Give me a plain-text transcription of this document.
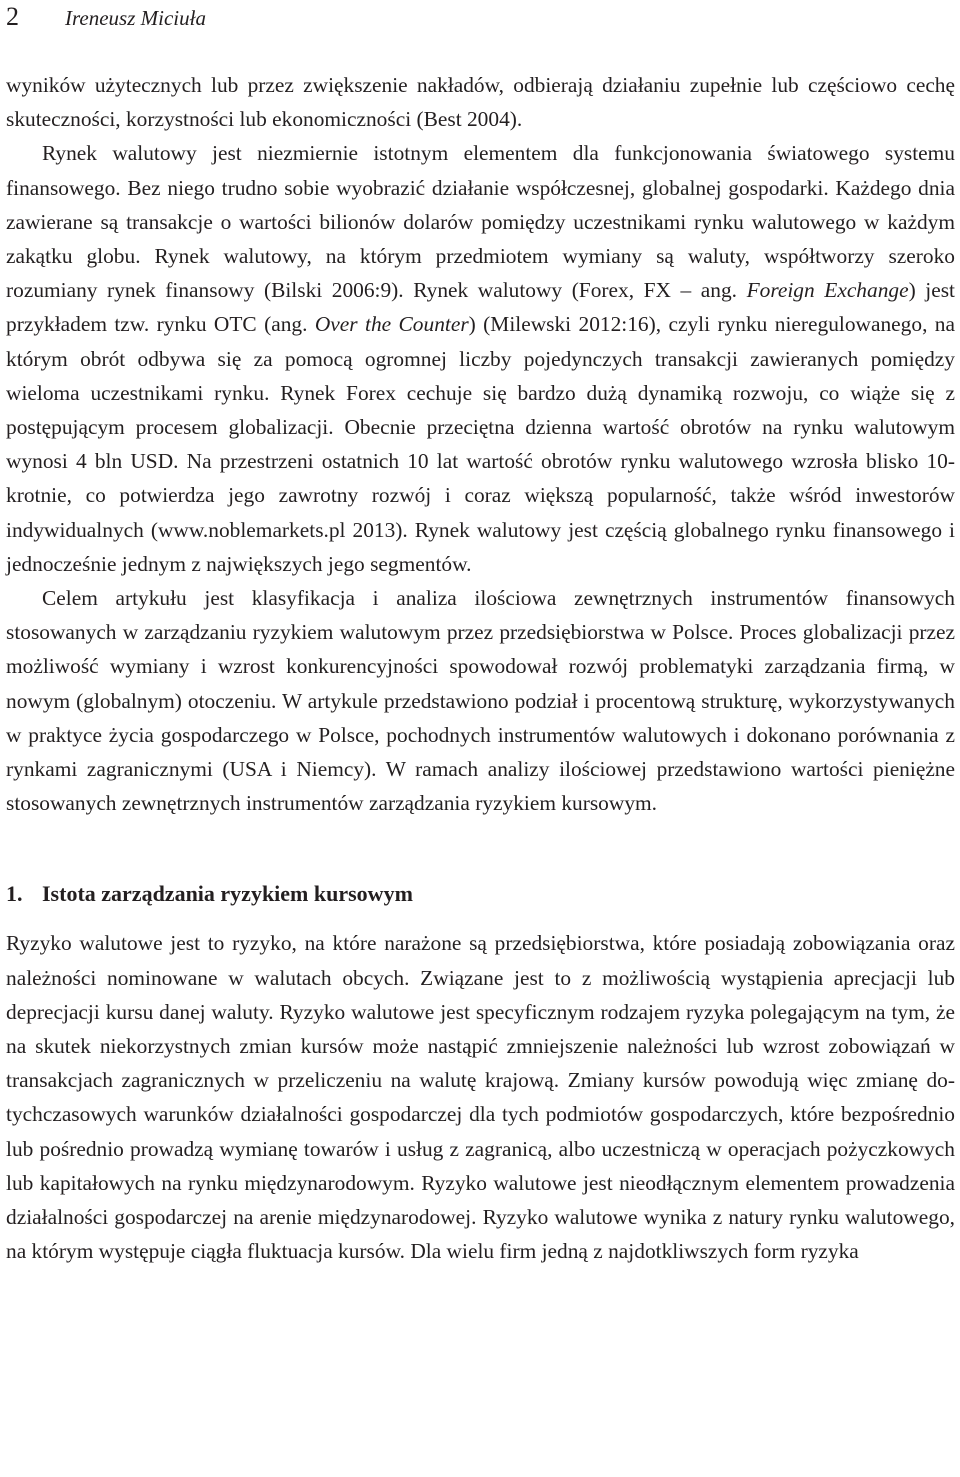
2 Ireneusz Miciuła

wyników użytecznych lub przez zwiększenie nakładów, odbierają działaniu zupełnie lub częściowo cechę skuteczności, korzystności lub ekonomiczności (Best 2004).

Rynek walutowy jest niezmiernie istotnym elementem dla funkcjonowania światowego systemu finansowego. Bez niego trudno sobie wyobrazić działanie współczesnej, globalnej gospodarki. Każdego dnia zawierane są transakcje o wartości bilionów dolarów pomiędzy uczestnikami rynku walutowego w każdym zakątku globu. Rynek walutowy, na którym przedmiotem wymiany są waluty, współtworzy szeroko rozumiany rynek finansowy (Bilski 2006:9). Rynek walutowy (Forex, FX – ang. Foreign Exchange) jest przykładem tzw. rynku OTC (ang. Over the Counter) (Milewski 2012:16), czyli rynku nieregulowanego, na którym obrót odbywa się za pomocą ogromnej liczby pojedynczych transakcji zawieranych pomiędzy wieloma uczestnikami rynku. Rynek Forex cechuje się bardzo dużą dynamiką rozwoju, co wiąże się z postępującym procesem globalizacji. Obecnie przeciętna dzienna wartość obrotów na rynku walutowym wynosi 4 bln USD. Na przestrzeni ostatnich 10 lat wartość obrotów rynku walutowego wzrosła blisko 10-krotnie, co potwierdza jego zawrotny rozwój i coraz większą popularność, także wśród inwestorów indywidualnych (www.noblemarkets.pl 2013). Rynek walutowy jest częścią globalnego rynku finansowego i jednocześnie jednym z największych jego segmentów.

Celem artykułu jest klasyfikacja i analiza ilościowa zewnętrznych instrumentów finansowych stosowanych w zarządzaniu ryzykiem walutowym przez przedsiębiorstwa w Polsce. Proces globalizacji przez możliwość wymiany i wzrost konkurencyjności spowodował rozwój problematyki zarządzania firmą, w nowym (globalnym) otoczeniu. W artykule przedstawiono podział i procentową strukturę, wykorzystywanych w praktyce życia gospodarczego w Polsce, pochodnych instrumentów walutowych i dokonano porównania z rynkami zagranicznymi (USA i Niemcy). W ramach analizy ilościowej przedstawiono wartości pieniężne stosowanych zewnętrznych instrumentów zarządzania ryzykiem kursowym.

1. Istota zarządzania ryzykiem kursowym

Ryzyko walutowe jest to ryzyko, na które narażone są przedsiębiorstwa, które posiadają zobowiązania oraz należności nominowane w walutach obcych. Związane jest to z możliwością wystąpienia aprecjacji lub deprecjacji kursu danej waluty. Ryzyko walutowe jest specyficznym rodzajem ryzyka polegającym na tym, że na skutek niekorzystnych zmian kursów może nastąpić zmniejszenie należności lub wzrost zobowiązań w transakcjach zagranicznych w przeliczeniu na walutę krajową. Zmiany kursów powodują więc zmianę dotychczasowych warunków działalności gospodarczej dla tych podmiotów gospodarczych, które bezpośrednio lub pośrednio prowadzą wymianę towarów i usług z zagranicą, albo uczestniczą w operacjach pożyczkowych lub kapitałowych na rynku międzynarodowym. Ryzyko walutowe jest nieodłącznym elementem prowadzenia działalności gospodarczej na arenie międzynarodowej. Ryzyko walutowe wynika z natury rynku walutowego, na którym występuje ciągła fluktuacja kursów. Dla wielu firm jedną z najdotkliwszych form ryzyka
